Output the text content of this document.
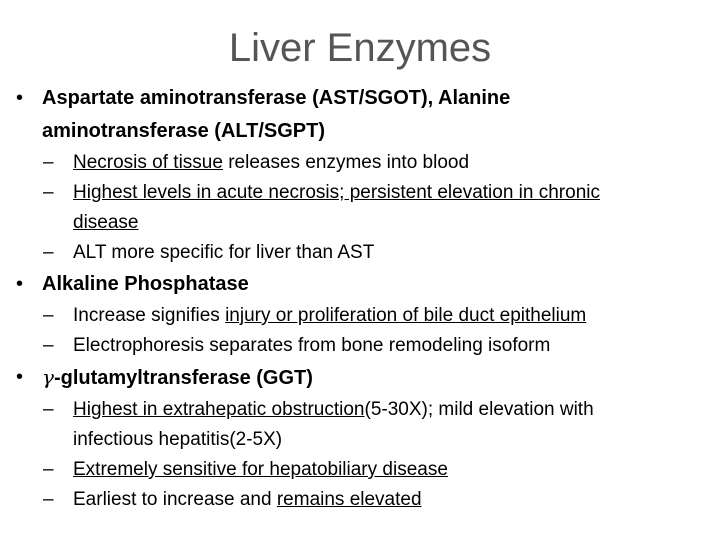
Liver Enzymes
• Aspartate aminotransferase (AST/SGOT), Alanine
aminotransferase (ALT/SGPT)
– Necrosis of tissue releases enzymes into blood
– Highest levels in acute necrosis; persistent elevation in chronic
disease
– ALT more specific for liver than AST
• Alkaline Phosphatase
– Increase signifies injury or proliferation of bile duct epithelium
– Electrophoresis separates from bone remodeling isoform
• γ-glutamyltransferase (GGT)
– Highest in extrahepatic obstruction(5-30X); mild elevation with
infectious hepatitis(2-5X)
– Extremely sensitive for hepatobiliary disease
– Earliest to increase and remains elevated
